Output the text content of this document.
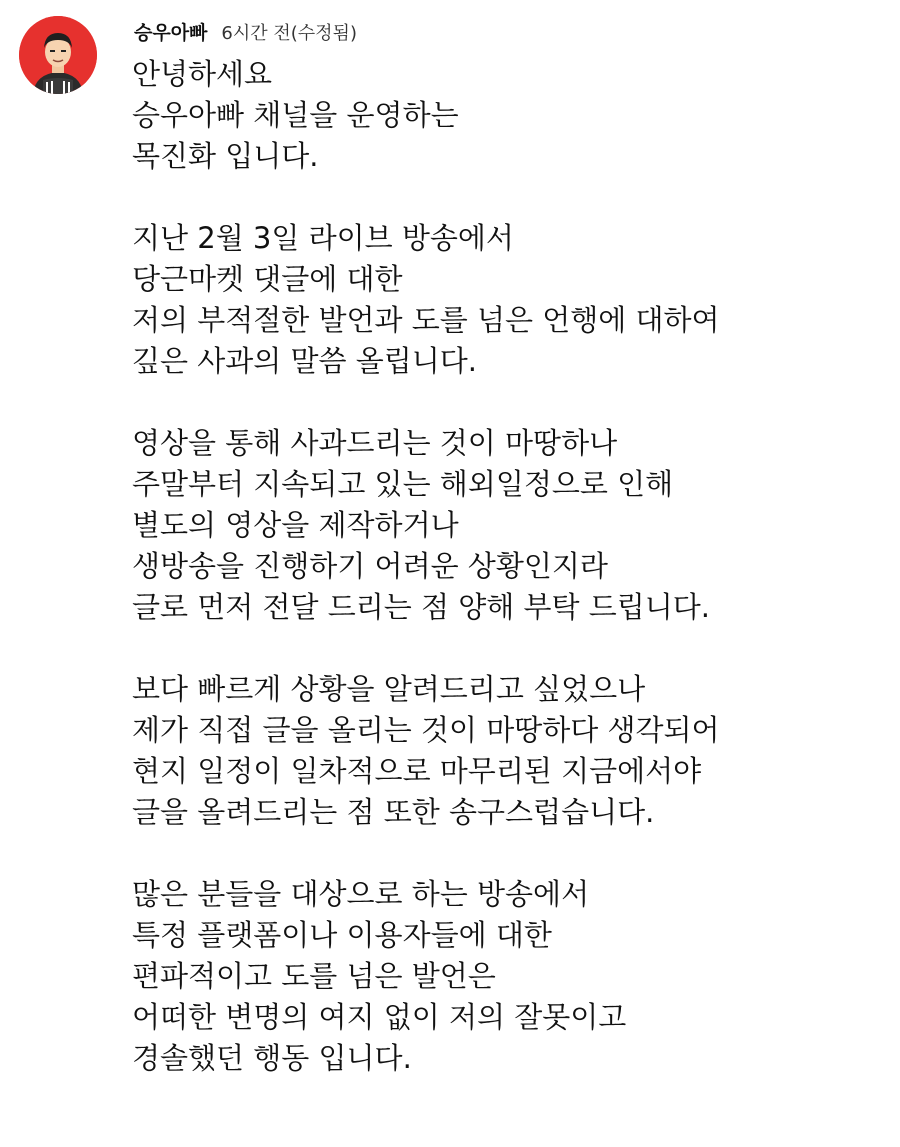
승우아빠 6시간 전(수정됨)
안녕하세요
승우아빠 채널을 운영하는
목진화 입니다.
지난 2월 3일 라이브 방송에서
당근마켓 댓글에 대한
저의 부적절한 발언과 도를 넘은 언행에 대하여
깊은 사과의 말씀 올립니다.
영상을 통해 사과드리는 것이 마땅하나
주말부터 지속되고 있는 해외일정으로 인해
별도의 영상을 제작하거나
생방송을 진행하기 어려운 상황인지라
글로 먼저 전달 드리는 점 양해 부탁 드립니다.
보다 빠르게 상황을 알려드리고 싶었으나
제가 직접 글을 올리는 것이 마땅하다 생각되어
현지 일정이 일차적으로 마무리된 지금에서야
글을 올려드리는 점 또한 송구스럽습니다.
많은 분들을 대상으로 하는 방송에서
특정 플랫폼이나 이용자들에 대한
편파적이고 도를 넘은 발언은
어떠한 변명의 여지 없이 저의 잘못이고
경솔했던 행동 입니다.
